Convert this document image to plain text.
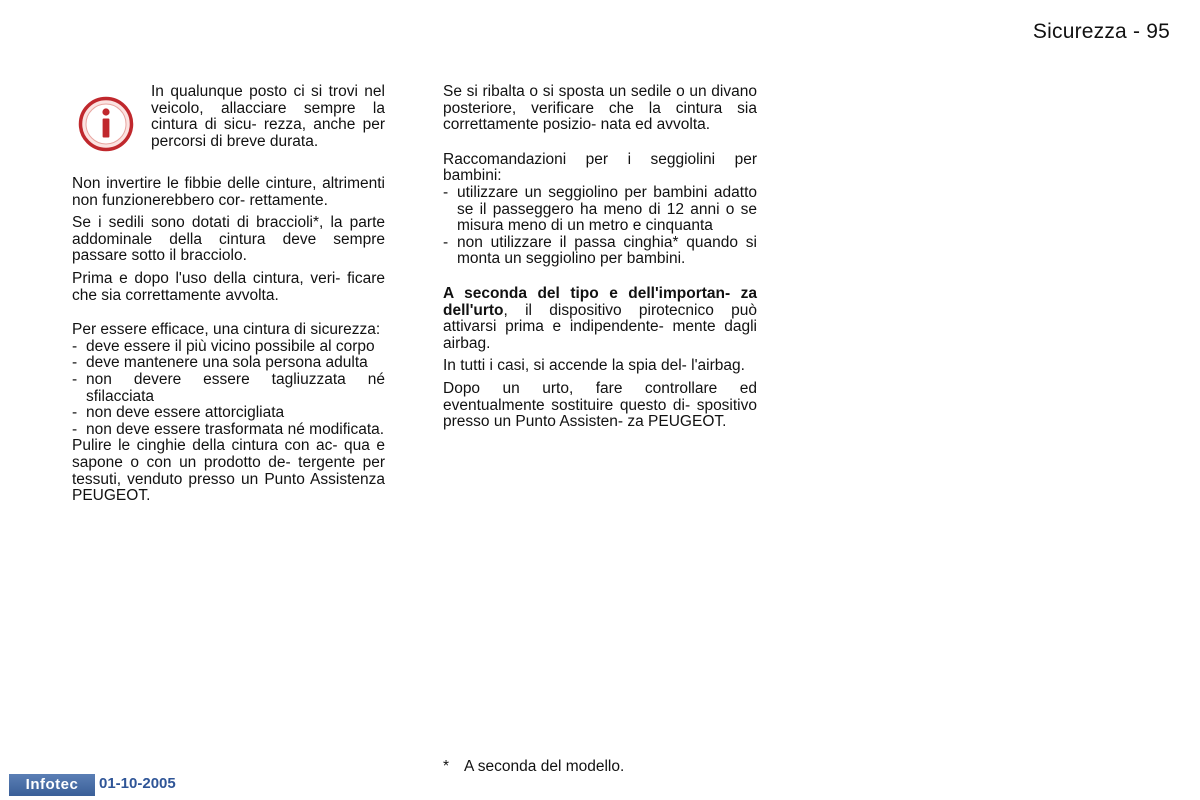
Sicurezza - 95

In qualunque posto ci si trovi nel veicolo, allacciare sempre la cintura di sicu- rezza, anche per percorsi di breve durata.

Non invertire le fibbie delle cinture, altrimenti non funzionerebbero cor- rettamente.

Se i sedili sono dotati di braccioli*, la parte addominale della cintura deve sempre passare sotto il bracciolo.

Prima e dopo l'uso della cintura, veri- ficare che sia correttamente avvolta.

Per essere efficace, una cintura di sicurezza:

- deve essere il più vicino possibile al corpo
- deve mantenere una sola persona adulta
- non devere essere tagliuzzata né sfilacciata
- non deve essere attorcigliata
- non deve essere trasformata né modificata.

Pulire le cinghie della cintura con ac- qua e sapone o con un prodotto de- tergente per tessuti, venduto presso un Punto Assistenza PEUGEOT.

Se si ribalta o si sposta un sedile o un divano posteriore, verificare che la cintura sia correttamente posizio- nata ed avvolta.

Raccomandazioni per i seggiolini per bambini:

- utilizzare un seggiolino per bambini adatto se il passeggero ha meno di 12 anni o se misura meno di un metro e cinquanta
- non utilizzare il passa cinghia* quando si monta un seggiolino per bambini.

A seconda del tipo e dell'importan- za dell'urto, il dispositivo pirotecnico può attivarsi prima e indipendente- mente dagli airbag.

In tutti i casi, si accende la spia del- l'airbag.

Dopo un urto, fare controllare ed eventualmente sostituire questo di- spositivo presso un Punto Assisten- za PEUGEOT.

* A seconda del modello.
Infotec	01-10-2005
